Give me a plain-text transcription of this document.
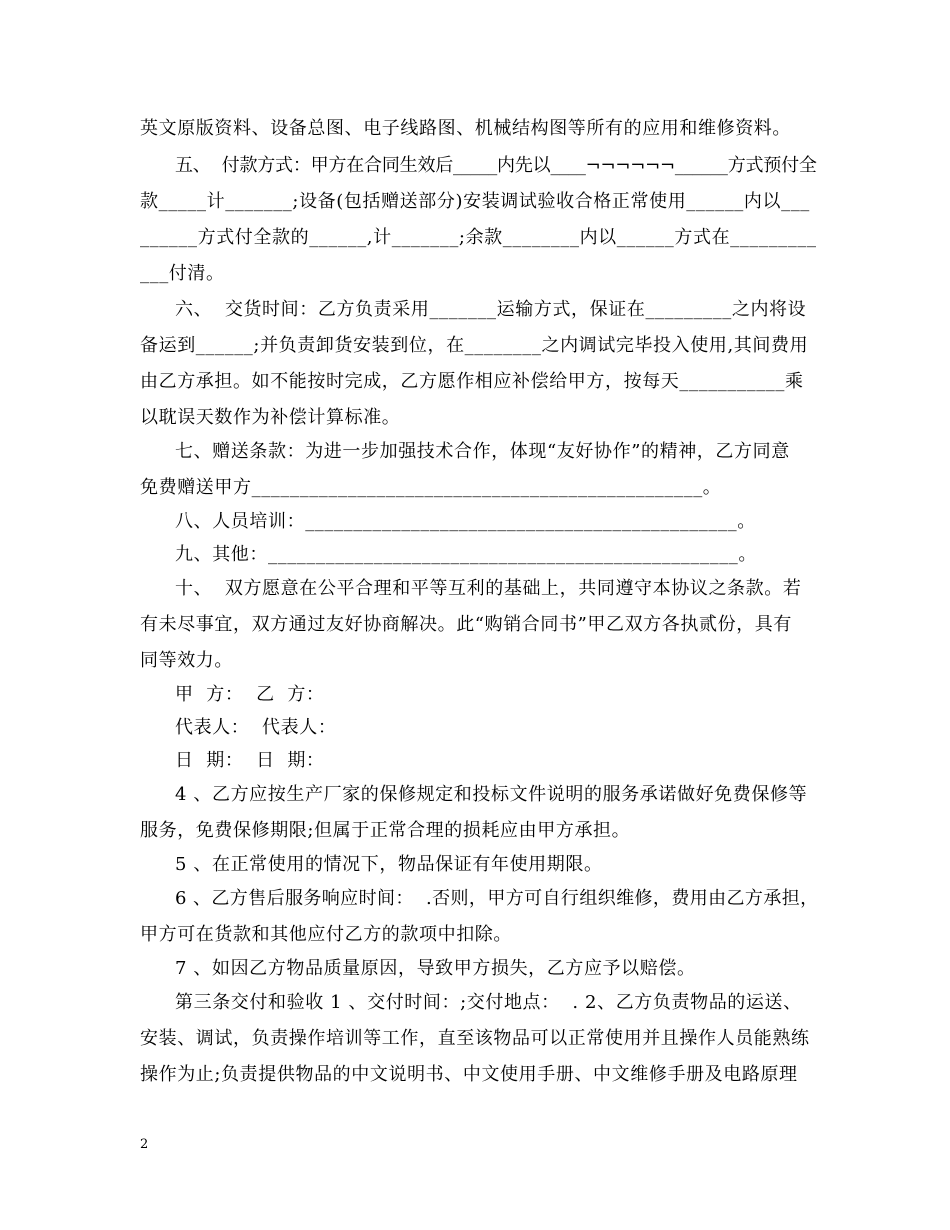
英文原版资料、设备总图、电子线路图、机械结构图等所有的应用和维修资料。
五、  付款方式：甲方在合同生效后_____内先以____¬¬¬¬¬¬______方式预付全
款_____计_______;设备(包括赠送部分)安装调试验收合格正常使用______内以___
______方式付全款的______,计_______;余款________内以______方式在_________
___付清。
六、  交货时间：乙方负责采用_______运输方式，保证在_________之内将设
备运到______;并负责卸货安装到位，在________之内调试完毕投入使用,其间费用
由乙方承担。如不能按时完成，乙方愿作相应补偿给甲方，按每天___________乘
以耽误天数作为补偿计算标准。
七、赠送条款：为进一步加强技术合作，体现“友好协作”的精神，乙方同意
免费赠送甲方_______________________________________________。
八、人员培训：_____________________________________________。
九、其他：_________________________________________________。
十、  双方愿意在公平合理和平等互利的基础上，共同遵守本协议之条款。若
有未尽事宜，双方通过友好协商解决。此“购销合同书”甲乙双方各执贰份，具有
同等效力。
甲  方：  乙  方：
代表人：  代表人：
日  期：  日  期：
4 、乙方应按生产厂家的保修规定和投标文件说明的服务承诺做好免费保修等
服务，免费保修期限;但属于正常合理的损耗应由甲方承担。
5 、在正常使用的情况下，物品保证有年使用期限。
6 、乙方售后服务响应时间：  .否则，甲方可自行组织维修，费用由乙方承担，
甲方可在货款和其他应付乙方的款项中扣除。
7 、如因乙方物品质量原因，导致甲方损失，乙方应予以赔偿。
第三条交付和验收 1 、交付时间：;交付地点：  . 2、乙方负责物品的运送、
安装、调试，负责操作培训等工作，直至该物品可以正常使用并且操作人员能熟练
操作为止;负责提供物品的中文说明书、中文使用手册、中文维修手册及电路原理
2
